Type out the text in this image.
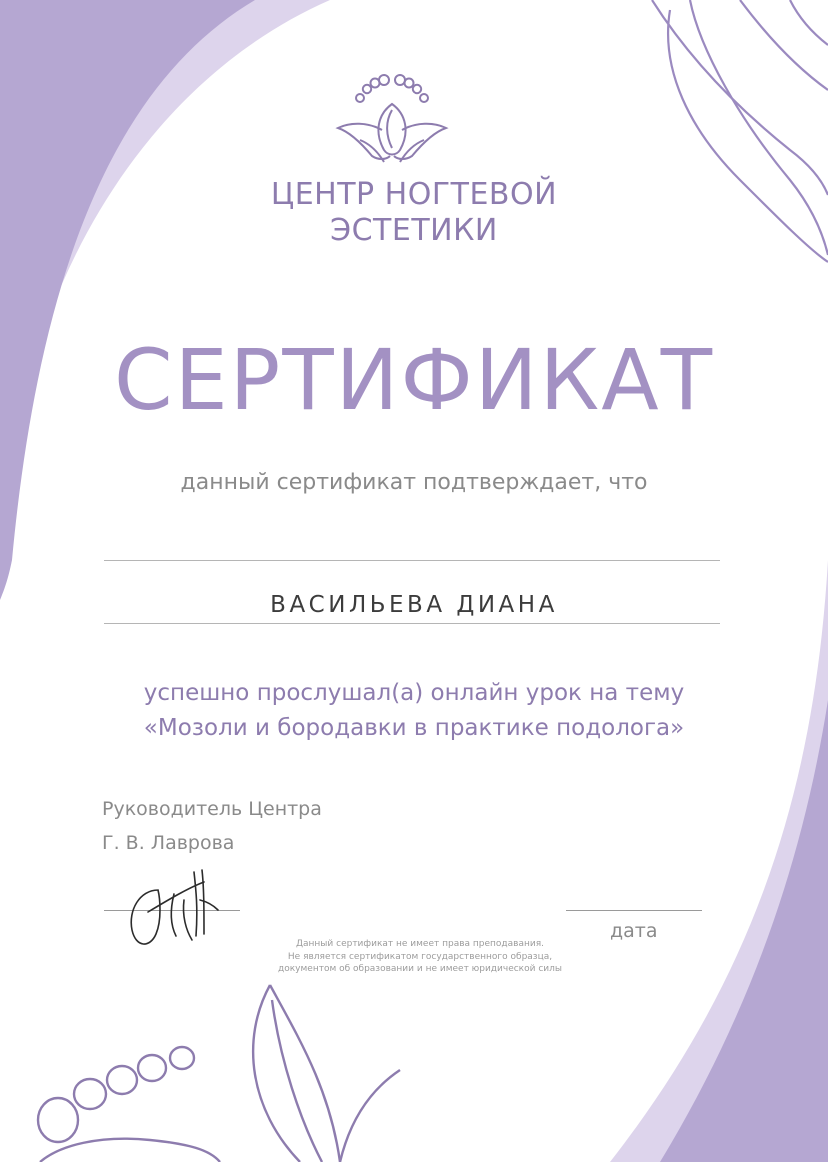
ЦЕНТР НОГТЕВОЙ
ЭСТЕТИКИ
СЕРТИФИКАТ
данный сертификат подтверждает, что
ВАСИЛЬЕВА ДИАНА
успешно прослушал(а) онлайн урок на тему
«Мозоли и бородавки в практике подолога»
Руководитель Центра
Г. В. Лаврова
дата
Данный сертификат не имеет права преподавания.
Не является сертификатом государственного образца,
документом об образовании и не имеет юридической силы
